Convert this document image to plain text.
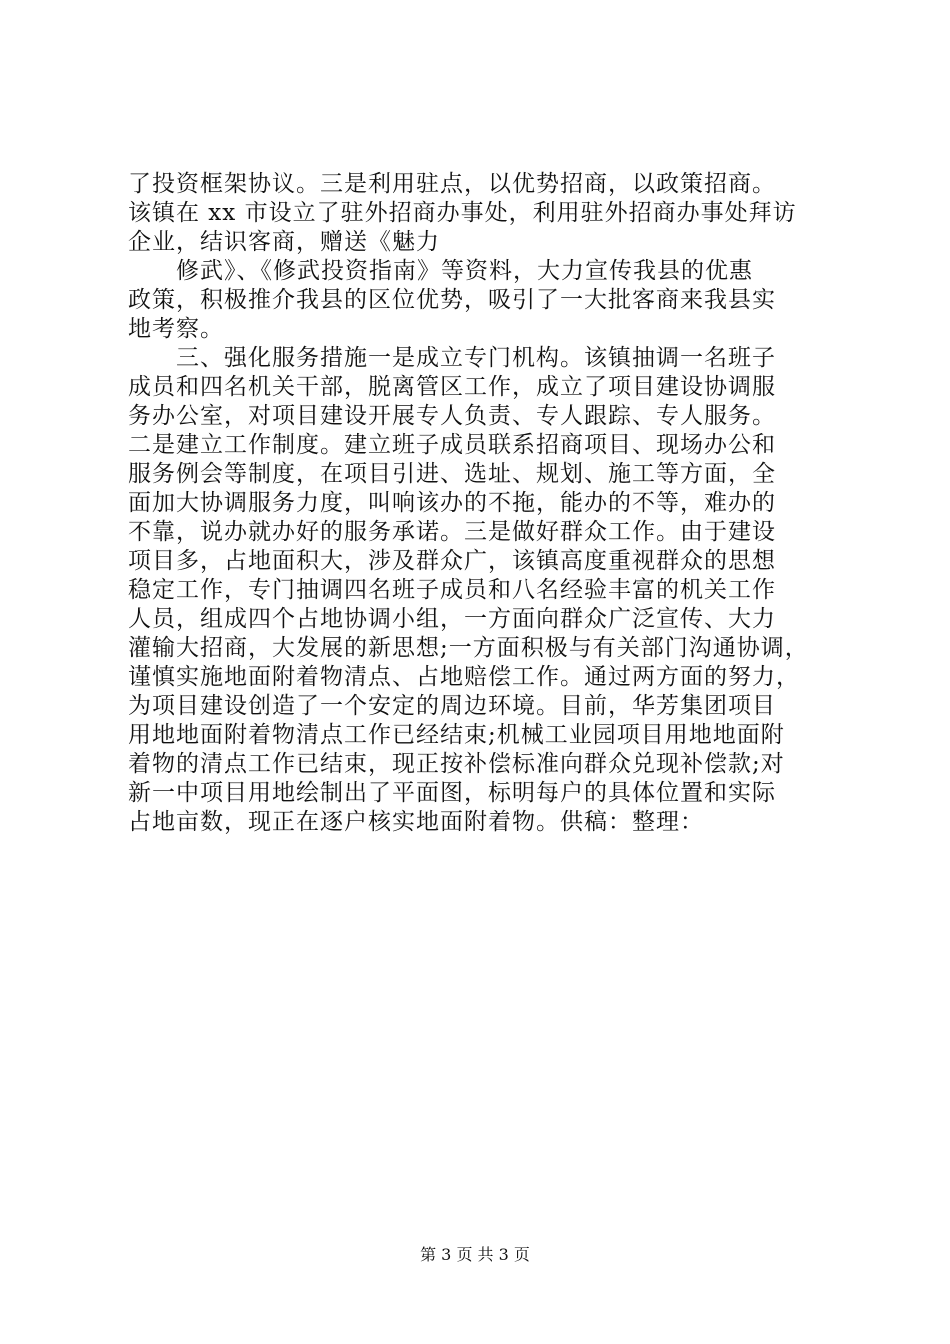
了投资框架协议。三是利用驻点，以优势招商，以政策招商。
该镇在 xx 市设立了驻外招商办事处，利用驻外招商办事处拜访
企业，结识客商，赠送《魅力
修武》、《修武投资指南》等资料，大力宣传我县的优惠
政策，积极推介我县的区位优势，吸引了一大批客商来我县实
地考察。
三、强化服务措施一是成立专门机构。该镇抽调一名班子
成员和四名机关干部，脱离管区工作，成立了项目建设协调服
务办公室，对项目建设开展专人负责、专人跟踪、专人服务。
二是建立工作制度。建立班子成员联系招商项目、现场办公和
服务例会等制度，在项目引进、选址、规划、施工等方面，全
面加大协调服务力度，叫响该办的不拖，能办的不等，难办的
不靠，说办就办好的服务承诺。三是做好群众工作。由于建设
项目多，占地面积大，涉及群众广，该镇高度重视群众的思想
稳定工作，专门抽调四名班子成员和八名经验丰富的机关工作
人员，组成四个占地协调小组，一方面向群众广泛宣传、大力
灌输大招商，大发展的新思想;一方面积极与有关部门沟通协调，
谨慎实施地面附着物清点、占地赔偿工作。通过两方面的努力，
为项目建设创造了一个安定的周边环境。目前，华芳集团项目
用地地面附着物清点工作已经结束;机械工业园项目用地地面附
着物的清点工作已结束，现正按补偿标准向群众兑现补偿款;对
新一中项目用地绘制出了平面图，标明每户的具体位置和实际
占地亩数，现正在逐户核实地面附着物。供稿：整理：
第 3 页 共 3 页
